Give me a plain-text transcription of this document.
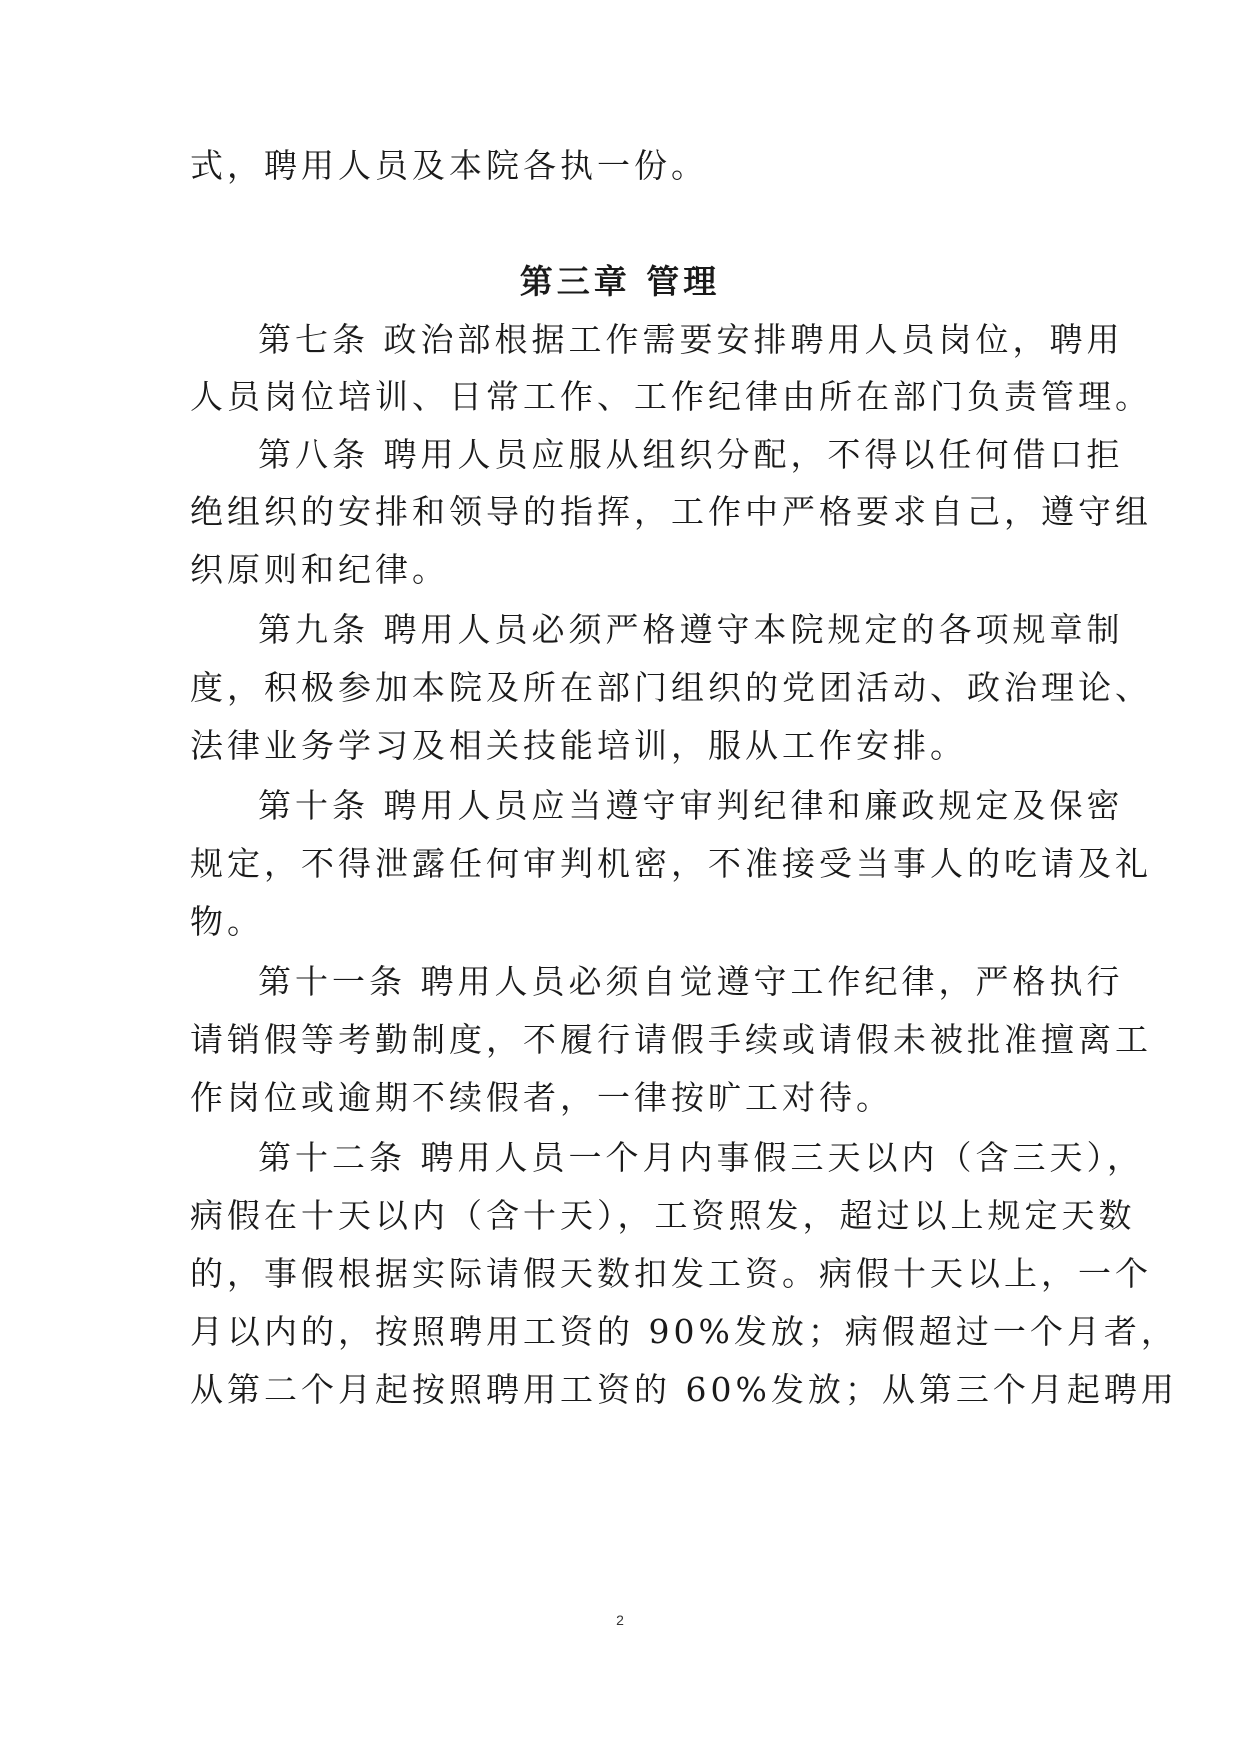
式，聘用人员及本院各执一份。
第三章 管理
第七条 政治部根据工作需要安排聘用人员岗位，聘用
人员岗位培训、日常工作、工作纪律由所在部门负责管理。
第八条 聘用人员应服从组织分配，不得以任何借口拒
绝组织的安排和领导的指挥，工作中严格要求自己，遵守组
织原则和纪律。
第九条 聘用人员必须严格遵守本院规定的各项规章制
度，积极参加本院及所在部门组织的党团活动、政治理论、
法律业务学习及相关技能培训，服从工作安排。
第十条 聘用人员应当遵守审判纪律和廉政规定及保密
规定，不得泄露任何审判机密，不准接受当事人的吃请及礼
物。
第十一条 聘用人员必须自觉遵守工作纪律，严格执行
请销假等考勤制度，不履行请假手续或请假未被批准擅离工
作岗位或逾期不续假者，一律按旷工对待。
第十二条 聘用人员一个月内事假三天以内（含三天），
病假在十天以内（含十天），工资照发，超过以上规定天数
的，事假根据实际请假天数扣发工资。病假十天以上，一个
月以内的，按照聘用工资的 90%发放；病假超过一个月者，
从第二个月起按照聘用工资的 60%发放；从第三个月起聘用
2
